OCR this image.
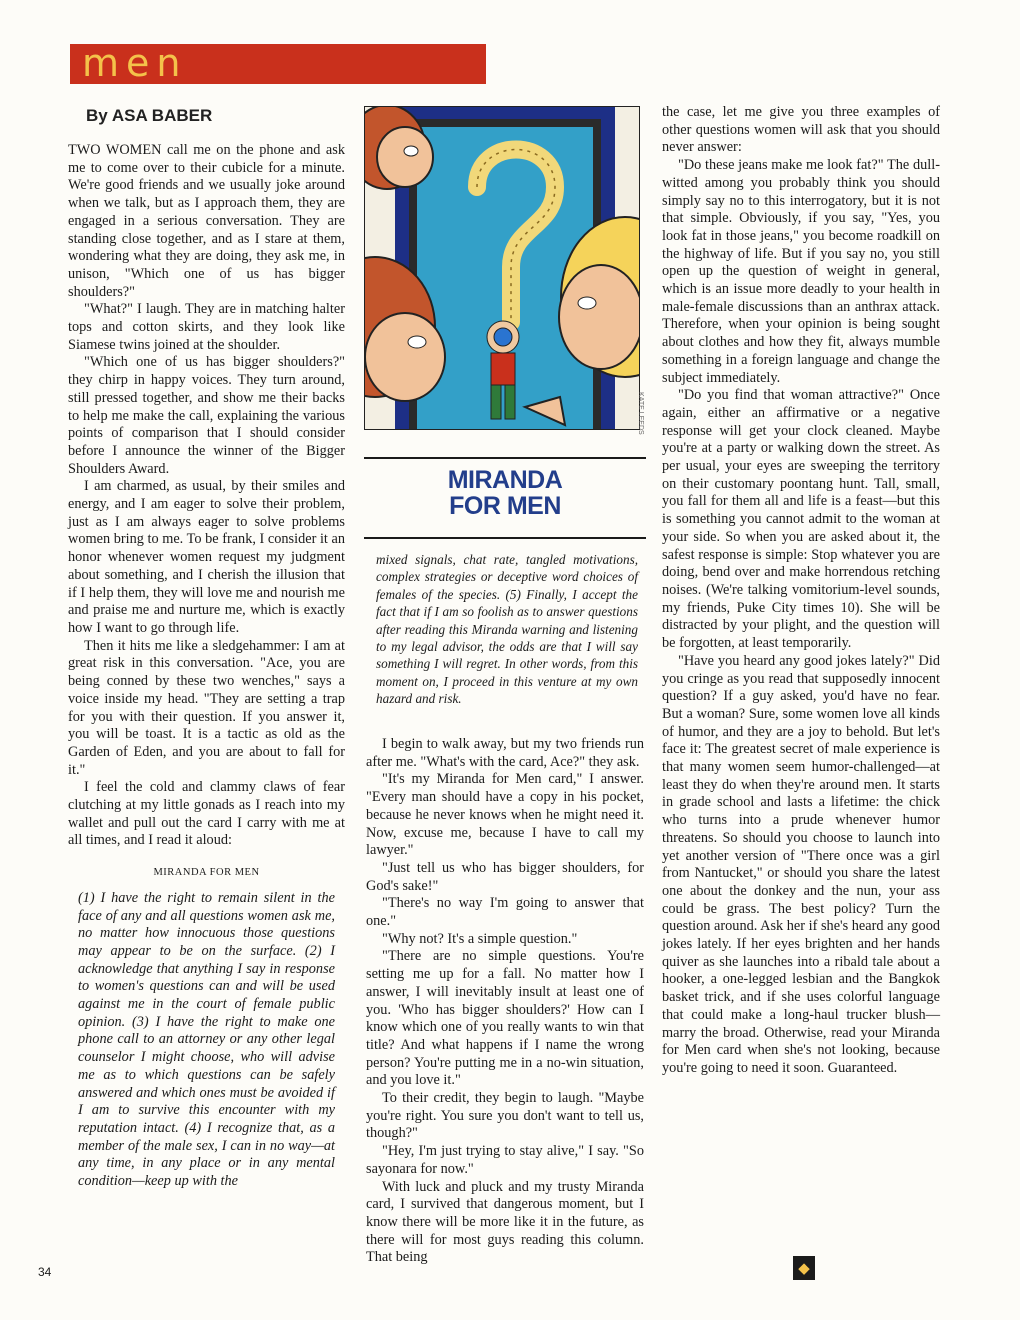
men
By ASA BABER

TWO WOMEN call me on the phone and ask me to come over to their cubicle for a minute. We're good friends and we usually joke around when we talk, but as I approach them, they are engaged in a serious conversation. They are standing close together, and as I stare at them, wondering what they are doing, they ask me, in unison, "Which one of us has bigger shoulders?"

"What?" I laugh. They are in matching halter tops and cotton skirts, and they look like Siamese twins joined at the shoulder.

"Which one of us has bigger shoulders?" they chirp in happy voices. They turn around, still pressed together, and show me their backs to help me make the call, explaining the various points of comparison that I should consider before I announce the winner of the Bigger Shoulders Award.

I am charmed, as usual, by their smiles and energy, and I am eager to solve their problem, just as I am always eager to solve problems women bring to me. To be frank, I consider it an honor whenever women request my judgment about something, and I cherish the illusion that if I help them, they will love me and nourish me and praise me and nurture me, which is exactly how I want to go through life.

Then it hits me like a sledgehammer: I am at great risk in this conversation. "Ace, you are being conned by these two wenches," says a voice inside my head. "They are setting a trap for you with their question. If you answer it, you will be toast. It is a tactic as old as the Garden of Eden, and you are about to fall for it."

I feel the cold and clammy claws of fear clutching at my little gonads as I reach into my wallet and pull out the card I carry with me at all times, and I read it aloud:

MIRANDA FOR MEN

(1) I have the right to remain silent in the face of any and all questions women ask me, no matter how innocuous those questions may appear to be on the surface. (2) I acknowledge that anything I say in response to women's questions can and will be used against me in the court of female public opinion. (3) I have the right to make one phone call to an attorney or any other legal counselor I might choose, who will advise me as to which questions can be safely answered and which ones must be avoided if I am to survive this encounter with my reputation intact. (4) I recognize that, as a member of the male sex, I can in no way—at any time, in any place or in any mental condition—keep up with the

KATE LEEDS
MIRANDA
FOR MEN
mixed signals, chat rate, tangled motivations, complex strategies or deceptive word choices of females of the species. (5) Finally, I accept the fact that if I am so foolish as to answer questions after reading this Miranda warning and listening to my legal advisor, the odds are that I will say something I will regret. In other words, from this moment on, I proceed in this venture at my own hazard and risk.

I begin to walk away, but my two friends run after me. "What's with the card, Ace?" they ask.

"It's my Miranda for Men card," I answer. "Every man should have a copy in his pocket, because he never knows when he might need it. Now, excuse me, because I have to call my lawyer."

"Just tell us who has bigger shoulders, for God's sake!"

"There's no way I'm going to answer that one."

"Why not? It's a simple question."

"There are no simple questions. You're setting me up for a fall. No matter how I answer, I will inevitably insult at least one of you. 'Who has bigger shoulders?' How can I know which one of you really wants to win that title? And what happens if I name the wrong person? You're putting me in a no-win situation, and you love it."

To their credit, they begin to laugh. "Maybe you're right. You sure you don't want to tell us, though?"

"Hey, I'm just trying to stay alive," I say. "So sayonara for now."

With luck and pluck and my trusty Miranda card, I survived that dangerous moment, but I know there will be more like it in the future, as there will for most guys reading this column. That being

the case, let me give you three examples of other questions women will ask that you should never answer:

"Do these jeans make me look fat?" The dull-witted among you probably think you should simply say no to this interrogatory, but it is not that simple. Obviously, if you say, "Yes, you look fat in those jeans," you become roadkill on the highway of life. But if you say no, you still open up the question of weight in general, which is an issue more deadly to your health in male-female discussions than an anthrax attack. Therefore, when your opinion is being sought about clothes and how they fit, always mumble something in a foreign language and change the subject immediately.

"Do you find that woman attractive?" Once again, either an affirmative or a negative response will get your clock cleaned. Maybe you're at a party or walking down the street. As per usual, your eyes are sweeping the territory on their customary poontang hunt. Tall, small, you fall for them all and life is a feast—but this is something you cannot admit to the woman at your side. So when you are asked about it, the safest response is simple: Stop whatever you are doing, bend over and make horrendous retching noises. (We're talking vomitorium-level sounds, my friends, Puke City times 10). She will be distracted by your plight, and the question will be forgotten, at least temporarily.

"Have you heard any good jokes lately?" Did you cringe as you read that supposedly innocent question? If a guy asked, you'd have no fear. But a woman? Sure, some women love all kinds of humor, and they are a joy to behold. But let's face it: The greatest secret of male experience is that many women seem humor-challenged—at least they do when they're around men. It starts in grade school and lasts a lifetime: the chick who turns into a prude whenever humor threatens. So should you choose to launch into yet another version of "There once was a girl from Nantucket," or should you share the latest one about the donkey and the nun, your ass could be grass. The best policy? Turn the question around. Ask her if she's heard any good jokes lately. If her eyes brighten and her hands quiver as she launches into a ribald tale about a hooker, a one-legged lesbian and the Bangkok basket trick, and if she uses colorful language that could make a long-haul trucker blush—marry the broad. Otherwise, read your Miranda for Men card when she's not looking, because you're going to need it soon. Guaranteed.

34	◆
